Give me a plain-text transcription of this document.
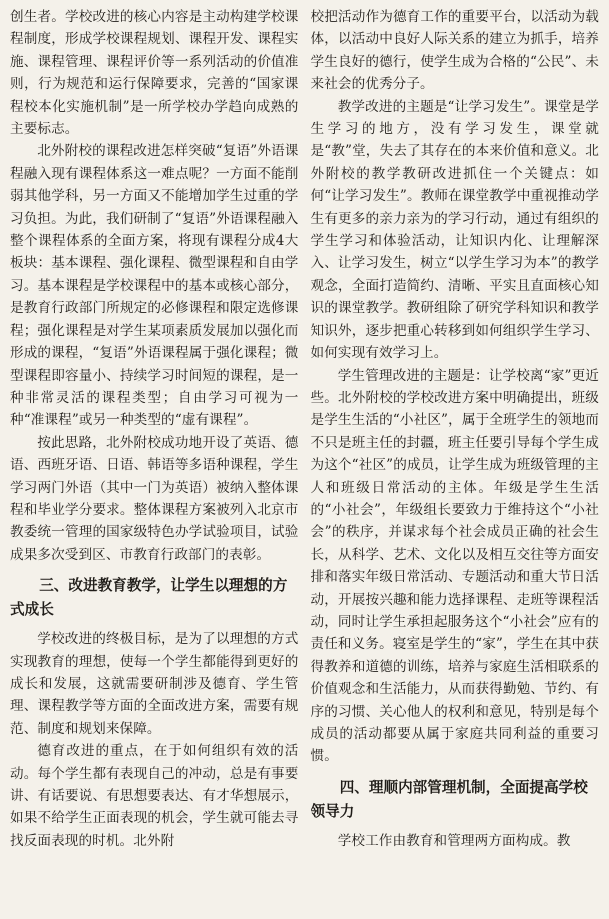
创生者。学校改进的核心内容是主动构建学校课程制度，形成学校课程规划、课程开发、课程实施、课程管理、课程评价等一系列活动的价值准则，行为规范和运行保障要求，完善的“国家课程校本化实施机制”是一所学校办学趋向成熟的主要标志。

北外附校的课程改进怎样突破“复语”外语课程融入现有课程体系这一难点呢？一方面不能削弱其他学科，另一方面又不能增加学生过重的学习负担。为此，我们研制了“复语”外语课程融入整个课程体系的全面方案，将现有课程分成4大板块：基本课程、强化课程、微型课程和自由学习。基本课程是学校课程中的基本或核心部分，是教育行政部门所规定的必修课程和限定选修课程；强化课程是对学生某项素质发展加以强化而形成的课程，“复语”外语课程属于强化课程；微型课程即容量小、持续学习时间短的课程，是一种非常灵活的课程类型；自由学习可视为一种“准课程”或另一种类型的“虚有课程”。

按此思路，北外附校成功地开设了英语、德语、西班牙语、日语、韩语等多语种课程，学生学习两门外语（其中一门为英语）被纳入整体课程和毕业学分要求。整体课程方案被列入北京市教委统一管理的国家级特色办学试验项目，试验成果多次受到区、市教育行政部门的表彰。

三、改进教育教学，让学生以理想的方式成长

学校改进的终极目标，是为了以理想的方式实现教育的理想，使每一个学生都能得到更好的成长和发展，这就需要研制涉及德育、学生管理、课程教学等方面的全面改进方案，需要有规范、制度和规划来保障。

德育改进的重点，在于如何组织有效的活动。每个学生都有表现自己的冲动，总是有事要讲、有话要说、有思想要表达、有才华想展示，如果不给学生正面表现的机会，学生就可能去寻找反面表现的时机。北外附

校把活动作为德育工作的重要平台，以活动为载体，以活动中良好人际关系的建立为抓手，培养学生良好的德行，使学生成为合格的“公民”、未来社会的优秀分子。

教学改进的主题是“让学习发生”。课堂是学生学习的地方，没有学习发生，课堂就是“教”堂，失去了其存在的本来价值和意义。北外附校的教学教研改进抓住一个关键点：如何“让学习发生”。教师在课堂教学中重视推动学生有更多的亲力亲为的学习行动，通过有组织的学生学习和体验活动，让知识内化、让理解深入、让学习发生，树立“以学生学习为本”的教学观念，全面打造简约、清晰、平实且直面核心知识的课堂教学。教研组除了研究学科知识和教学知识外，逐步把重心转移到如何组织学生学习、如何实现有效学习上。

学生管理改进的主题是：让学校离“家”更近些。北外附校的学校改进方案中明确提出，班级是学生生活的“小社区”，属于全班学生的领地而不只是班主任的封疆，班主任要引导每个学生成为这个“社区”的成员，让学生成为班级管理的主人和班级日常活动的主体。年级是学生生活的“小社会”，年级组长要致力于维持这个“小社会”的秩序，并谋求每个社会成员正确的社会生长，从科学、艺术、文化以及相互交往等方面安排和落实年级日常活动、专题活动和重大节日活动，开展按兴趣和能力选择课程、走班等课程活动，同时让学生承担起服务这个“小社会”应有的责任和义务。寝室是学生的“家”，学生在其中获得教养和道德的训练，培养与家庭生活相联系的价值观念和生活能力，从而获得勤勉、节约、有序的习惯、关心他人的权利和意见，特别是每个成员的活动都要从属于家庭共同利益的重要习惯。

四、理顺内部管理机制，全面提高学校领导力

学校工作由教育和管理两方面构成。教
